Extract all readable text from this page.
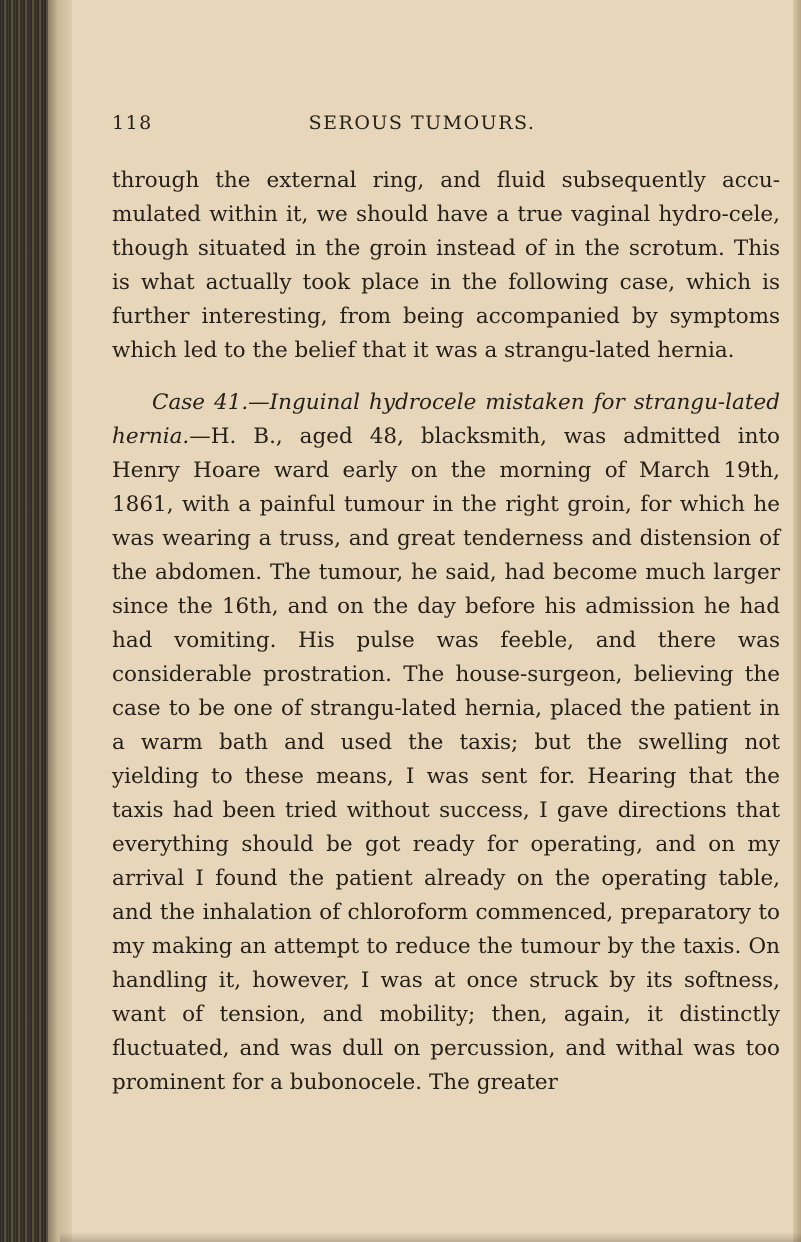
118	SEROUS TUMOURS.

through the external ring, and fluid subsequently accu-mulated within it, we should have a true vaginal hydro-cele, though situated in the groin instead of in the scrotum. This is what actually took place in the following case, which is further interesting, from being accompanied by symptoms which led to the belief that it was a strangu-lated hernia.

Case 41.—Inguinal hydrocele mistaken for strangu-lated hernia.—H. B., aged 48, blacksmith, was admitted into Henry Hoare ward early on the morning of March 19th, 1861, with a painful tumour in the right groin, for which he was wearing a truss, and great tenderness and distension of the abdomen. The tumour, he said, had become much larger since the 16th, and on the day before his admission he had had vomiting. His pulse was feeble, and there was considerable prostration. The house-surgeon, believing the case to be one of strangu-lated hernia, placed the patient in a warm bath and used the taxis; but the swelling not yielding to these means, I was sent for. Hearing that the taxis had been tried without success, I gave directions that everything should be got ready for operating, and on my arrival I found the patient already on the operating table, and the inhalation of chloroform commenced, preparatory to my making an attempt to reduce the tumour by the taxis. On handling it, however, I was at once struck by its softness, want of tension, and mobility; then, again, it distinctly fluctuated, and was dull on percussion, and withal was too prominent for a bubonocele. The greater
